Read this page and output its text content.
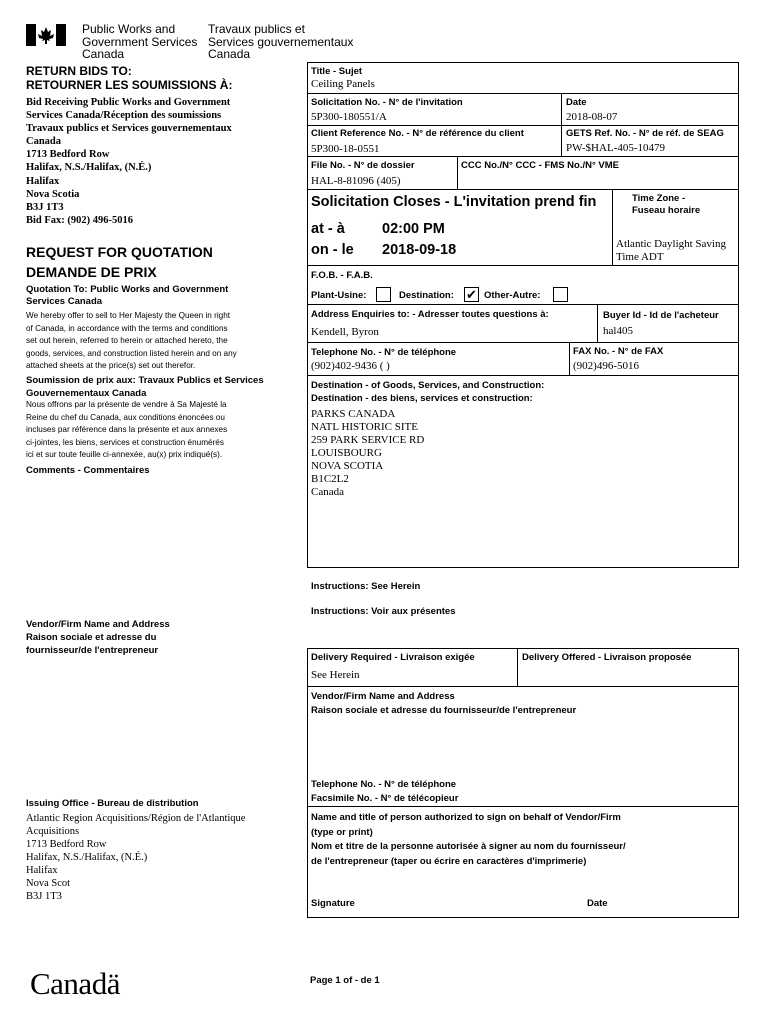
Public Works and
Government Services
Canada
Travaux publics et
Services gouvernementaux
Canada
RETURN BIDS TO:
RETOURNER LES SOUMISSIONS À:
Bid Receiving Public Works and Government
Services Canada/Réception des soumissions
Travaux publics et Services gouvernementaux
Canada
1713 Bedford Row
Halifax, N.S./Halifax, (N.É.)
Halifax
Nova Scotia
B3J 1T3
Bid Fax: (902) 496-5016
REQUEST FOR QUOTATION
DEMANDE DE PRIX
Quotation To: Public Works and Government
Services Canada
We hereby offer to sell to Her Majesty the Queen in right
of Canada, in accordance with the terms and conditions
set out herein, referred to herein or attached hereto, the
goods, services, and construction listed herein and on any
attached sheets at the price(s) set out therefor.
Soumission de prix aux: Travaux Publics et Services
Gouvernementaux Canada
Nous offrons par la présente de vendre à Sa Majesté la
Reine du chef du Canada, aux conditions énoncées ou
incluses par référence dans la présente et aux annexes
ci-jointes, les biens, services et construction énumérés
ici et sur toute feuille ci-annexée, au(x) prix indiqué(s).
Comments - Commentaires
Vendor/Firm Name and Address
Raison sociale et adresse du
fournisseur/de l'entrepreneur
Issuing Office - Bureau de distribution
Atlantic Region Acquisitions/Région de l'Atlantique
Acquisitions
1713 Bedford Row
Halifax, N.S./Halifax, (N.É.)
Halifax
Nova Scot
B3J 1T3
Canadä	Page 1 of - de 1
Title - Sujet
Ceiling Panels
Solicitation No. - N° de l'invitation
5P300-180551/A
Date
2018-08-07
Client Reference No. - N° de référence du client
5P300-18-0551
GETS Ref. No. - N° de réf. de SEAG
PW-$HAL-405-10479
File No. - N° de dossier
HAL-8-81096 (405)
CCC No./N° CCC - FMS No./N° VME
Solicitation Closes - L'invitation prend fin
at - à	02:00 PM
on - le 2018-09-18
Time Zone -
Fuseau horaire
Atlantic Daylight Saving
Time ADT
F.O.B. - F.A.B.
Plant-Usine:	Destination: ✔ Other-Autre:
Address Enquiries to: - Adresser toutes questions à:
Kendell, Byron
Buyer Id - Id de l'acheteur
hal405
Telephone No. - N° de téléphone
(902)402-9436 ( )
FAX No. - N° de FAX
(902)496-5016
Destination - of Goods, Services, and Construction:
Destination - des biens, services et construction:
PARKS CANADA
NATL HISTORIC SITE
259 PARK SERVICE RD
LOUISBOURG
NOVA SCOTIA
B1C2L2
Canada
Instructions: See Herein
Instructions: Voir aux présentes
Delivery Required - Livraison exigée
See Herein
Delivery Offered - Livraison proposée
Vendor/Firm Name and Address
Raison sociale et adresse du fournisseur/de l'entrepreneur
Telephone No. - N° de téléphone
Facsimile No. - N° de télécopieur
Name and title of person authorized to sign on behalf of Vendor/Firm
(type or print)
Nom et titre de la personne autorisée à signer au nom du fournisseur/
de l'entrepreneur (taper ou écrire en caractères d'imprimerie)
Signature	Date
